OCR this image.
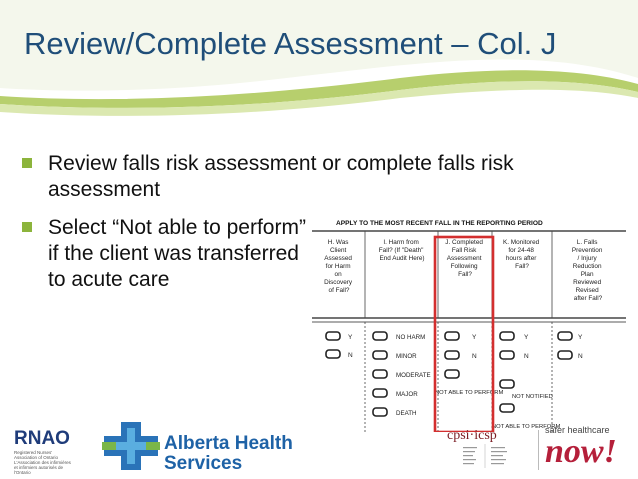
Review/Complete Assessment – Col. J
Review falls risk assessment or complete falls risk assessment
Select “Not able to perform” if the client was transferred to acute care
APPLY TO THE MOST RECENT FALL IN THE REPORTING PERIOD
H. Was Client Assessed for Harm on Discovery of Fall?
I. Harm from Fall? (If "Death" End Audit Here)
J. Completed Fall Risk Assessment Following Fall?
K. Monitored for 24-48 hours after Fall?
L. Falls Prevention / Injury Reduction Plan Reviewed Revised after Fall?
Y
N
NO HARM
MINOR
MODERATE
MAJOR
DEATH
Y
N
NOT ABLE TO PERFORM
Y
N
NOT NOTIFIED
NOT ABLE TO PERFORM
Y
N
RNAO
Registered Nurses' Association of Ontario L'Association des infirmières et infirmiers autorisés de l'Ontario
Alberta Health
Services
cpsi·icsp	safer healthcare
now!
